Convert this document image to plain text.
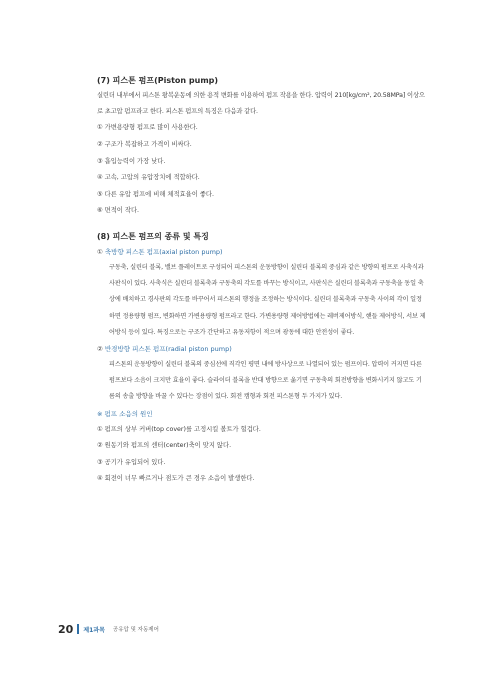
(7) 피스톤 펌프(Piston pump)

실린더 내부에서 피스톤 왕복운동에 의한 용적 변화를 이용하여 펌프 작용을 한다. 압력이 210[kg/cm², 20.58MPa] 이상으로 초고압 펌프라고 한다. 피스톤 펌프의 특징은 다음과 같다.

① 가변용량형 펌프로 많이 사용한다.
② 구조가 복잡하고 가격이 비싸다.
③ 흡입능력이 가장 낮다.
④ 고속, 고압의 유압장치에 적합하다.
⑤ 다른 유압 펌프에 비해 체적효율이 좋다.
⑥ 면적이 작다.

(8) 피스톤 펌프의 종류 및 특징

① 축방향 피스톤 펌프(axial piston pump)

구동축, 실린더 블록, 밸브 플레이트로 구성되어 피스톤의 운동방향이 실린더 블록의 중심과 같은 방향의 펌프로 사축식과 사판식이 있다. 사축식은 실린더 블록축과 구동축의 각도를 바꾸는 방식이고, 사판식은 실린더 블록축과 구동축을 동일 축상에 배치하고 경사판의 각도를 바꾸어서 피스톤의 행정을 조정하는 방식이다. 실린더 블록축과 구동축 사이의 각이 일정하면 정용량형 펌프, 변화하면 가변용량형 펌프라고 한다. 가변용량형 제어방법에는 레버제어방식, 핸들 제어방식, 서보 제어방식 등이 있다. 특징으로는 구조가 간단하고 유동저항이 적으며 광동에 대한 안전성이 좋다.

② 반경방향 피스톤 펌프(radial piston pump)

피스톤의 운동방향이 실린더 블록의 중심선에 직각인 평면 내에 방사상으로 나열되어 있는 펌프이다. 압력이 커지면 다른 펌프보다 소음이 크지만 효율이 좋다. 슬라이더 블록을 반대 방향으로 옮기면 구동축의 회전방향을 변화시키지 않고도 기름의 송출 방향을 바꿀 수 있다는 장점이 있다. 회전 캠형과 회전 피스톤형 두 가지가 있다.

※ 펌프 소음의 원인
① 펌프의 상부 커버(top cover)를 고정시킬 볼트가 헐겁다.
② 원동기와 펌프의 센터(center)축이 맞지 않다.
③ 공기가 유입되어 있다.
④ 회전이 너무 빠르거나 점도가 큰 경우 소음이 발생한다.
20 제1과목 공유압 및 자동제어
